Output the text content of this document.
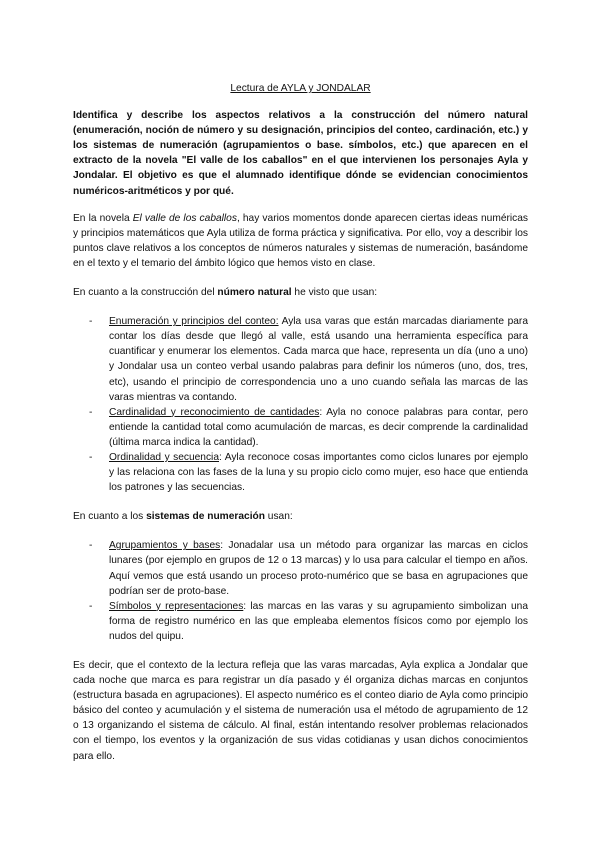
Lectura de AYLA y JONDALAR

Identifica y describe los aspectos relativos a la construcción del número natural (enumeración, noción de número y su designación, principios del conteo, cardinación, etc.) y los sistemas de numeración (agrupamientos o base. símbolos, etc.) que aparecen en el extracto de la novela "El valle de los caballos" en el que intervienen los personajes Ayla y Jondalar. El objetivo es que el alumnado identifique dónde se evidencian conocimientos numéricos-aritméticos y por qué.

En la novela El valle de los caballos, hay varios momentos donde aparecen ciertas ideas numéricas y principios matemáticos que Ayla utiliza de forma práctica y significativa. Por ello, voy a describir los puntos clave relativos a los conceptos de números naturales y sistemas de numeración, basándome en el texto y el temario del ámbito lógico que hemos visto en clase.

En cuanto a la construcción del número natural he visto que usan:

- Enumeración y principios del conteo: Ayla usa varas que están marcadas diariamente para contar los días desde que llegó al valle, está usando una herramienta específica para cuantificar y enumerar los elementos. Cada marca que hace, representa un día (uno a uno) y Jondalar usa un conteo verbal usando palabras para definir los números (uno, dos, tres, etc), usando el principio de correspondencia uno a uno cuando señala las marcas de las varas mientras va contando.
- Cardinalidad y reconocimiento de cantidades: Ayla no conoce palabras para contar, pero entiende la cantidad total como acumulación de marcas, es decir comprende la cardinalidad (última marca indica la cantidad).
- Ordinalidad y secuencia: Ayla reconoce cosas importantes como ciclos lunares por ejemplo y las relaciona con las fases de la luna y su propio ciclo como mujer, eso hace que entienda los patrones y las secuencias.

En cuanto a los sistemas de numeración usan:

- Agrupamientos y bases: Jonadalar usa un método para organizar las marcas en ciclos lunares (por ejemplo en grupos de 12 o 13 marcas) y lo usa para calcular el tiempo en años. Aquí vemos que está usando un proceso proto-numérico que se basa en agrupaciones que podrían ser de proto-base.
- Símbolos y representaciones: las marcas en las varas y su agrupamiento simbolizan una forma de registro numérico en las que empleaba elementos físicos como por ejemplo los nudos del quipu.

Es decir, que el contexto de la lectura refleja que las varas marcadas, Ayla explica a Jondalar que cada noche que marca es para registrar un día pasado y él organiza dichas marcas en conjuntos (estructura basada en agrupaciones). El aspecto numérico es el conteo diario de Ayla como principio básico del conteo y acumulación y el sistema de numeración usa el método de agrupamiento de 12 o 13 organizando el sistema de cálculo. Al final, están intentando resolver problemas relacionados con el tiempo, los eventos y la organización de sus vidas cotidianas y usan dichos conocimientos para ello.
